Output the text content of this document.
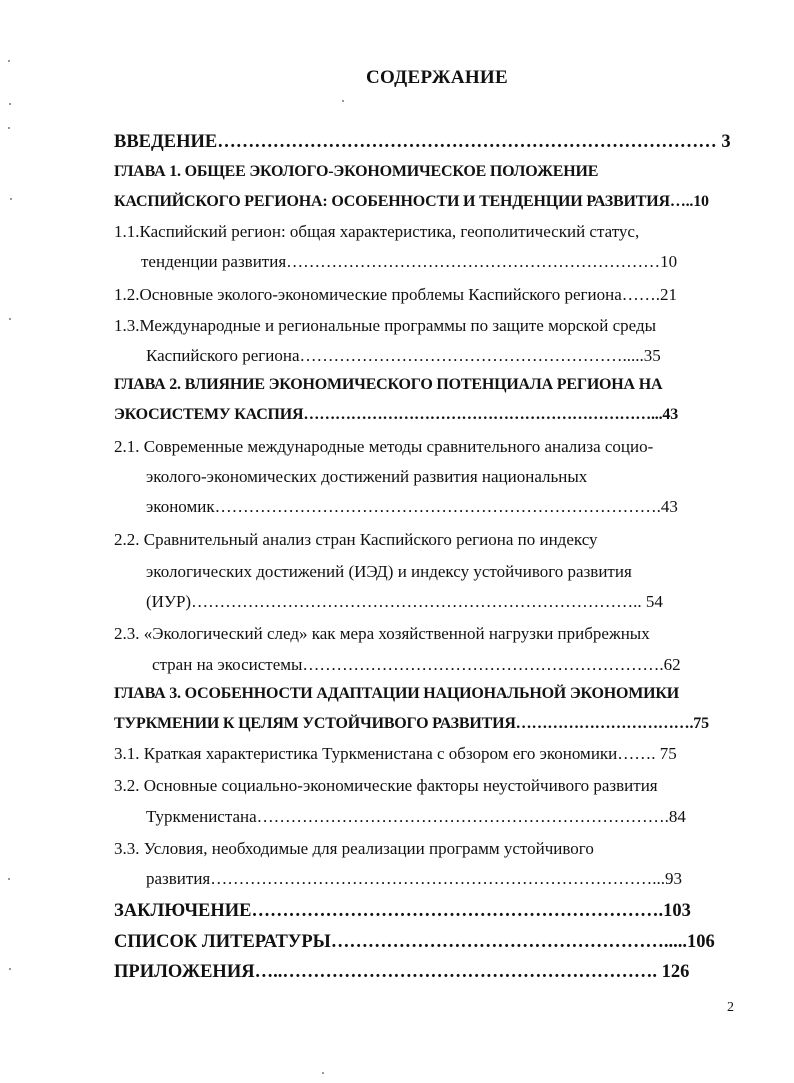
СОДЕРЖАНИЕ
ВВЕДЕНИЕ……………………………………………………………………… 3
ГЛАВА 1. ОБЩЕЕ ЭКОЛОГО-ЭКОНОМИЧЕСКОЕ ПОЛОЖЕНИЕ
КАСПИЙСКОГО РЕГИОНА: ОСОБЕННОСТИ И ТЕНДЕНЦИИ РАЗВИТИЯ…..10
1.1.Каспийский регион: общая характеристика, геополитический статус,
тенденции развития…………………………………………………………10
1.2.Основные эколого-экономические проблемы Каспийского региона…….21
1.3.Международные и региональные программы по защите морской среды
Каспийского региона………………………………………………….....35
ГЛАВА 2. ВЛИЯНИЕ ЭКОНОМИЧЕСКОГО ПОТЕНЦИАЛА РЕГИОНА НА
ЭКОСИСТЕМУ КАСПИЯ…………………………………………………………...43
2.1. Современные международные методы сравнительного анализа социо-
эколого-экономических достижений развития национальных
экономик…………………………………………………………………….43
2.2. Сравнительный анализ стран Каспийского региона по индексу
экологических достижений (ИЭД) и индексу устойчивого развития
(ИУР)…………………………………………………………………….. 54
2.3. «Экологический след» как мера хозяйственной нагрузки прибрежных
стран на экосистемы……………………………………………………….62
ГЛАВА 3. ОСОБЕННОСТИ АДАПТАЦИИ НАЦИОНАЛЬНОЙ ЭКОНОМИКИ
ТУРКМЕНИИ К ЦЕЛЯМ УСТОЙЧИВОГО РАЗВИТИЯ…………………………….75
3.1. Краткая характеристика Туркменистана с обзором его экономики……. 75
3.2. Основные социально-экономические факторы неустойчивого развития
Туркменистана……………………………………………………………….84
3.3. Условия, необходимые для реализации программ устойчивого
развития……………………………………………………………………...93
ЗАКЛЮЧЕНИЕ………………………………………………………….103
СПИСОК ЛИТЕРАТУРЫ……………………………………………….....106
ПРИЛОЖЕНИЯ…..……………………………………………………. 126
2
